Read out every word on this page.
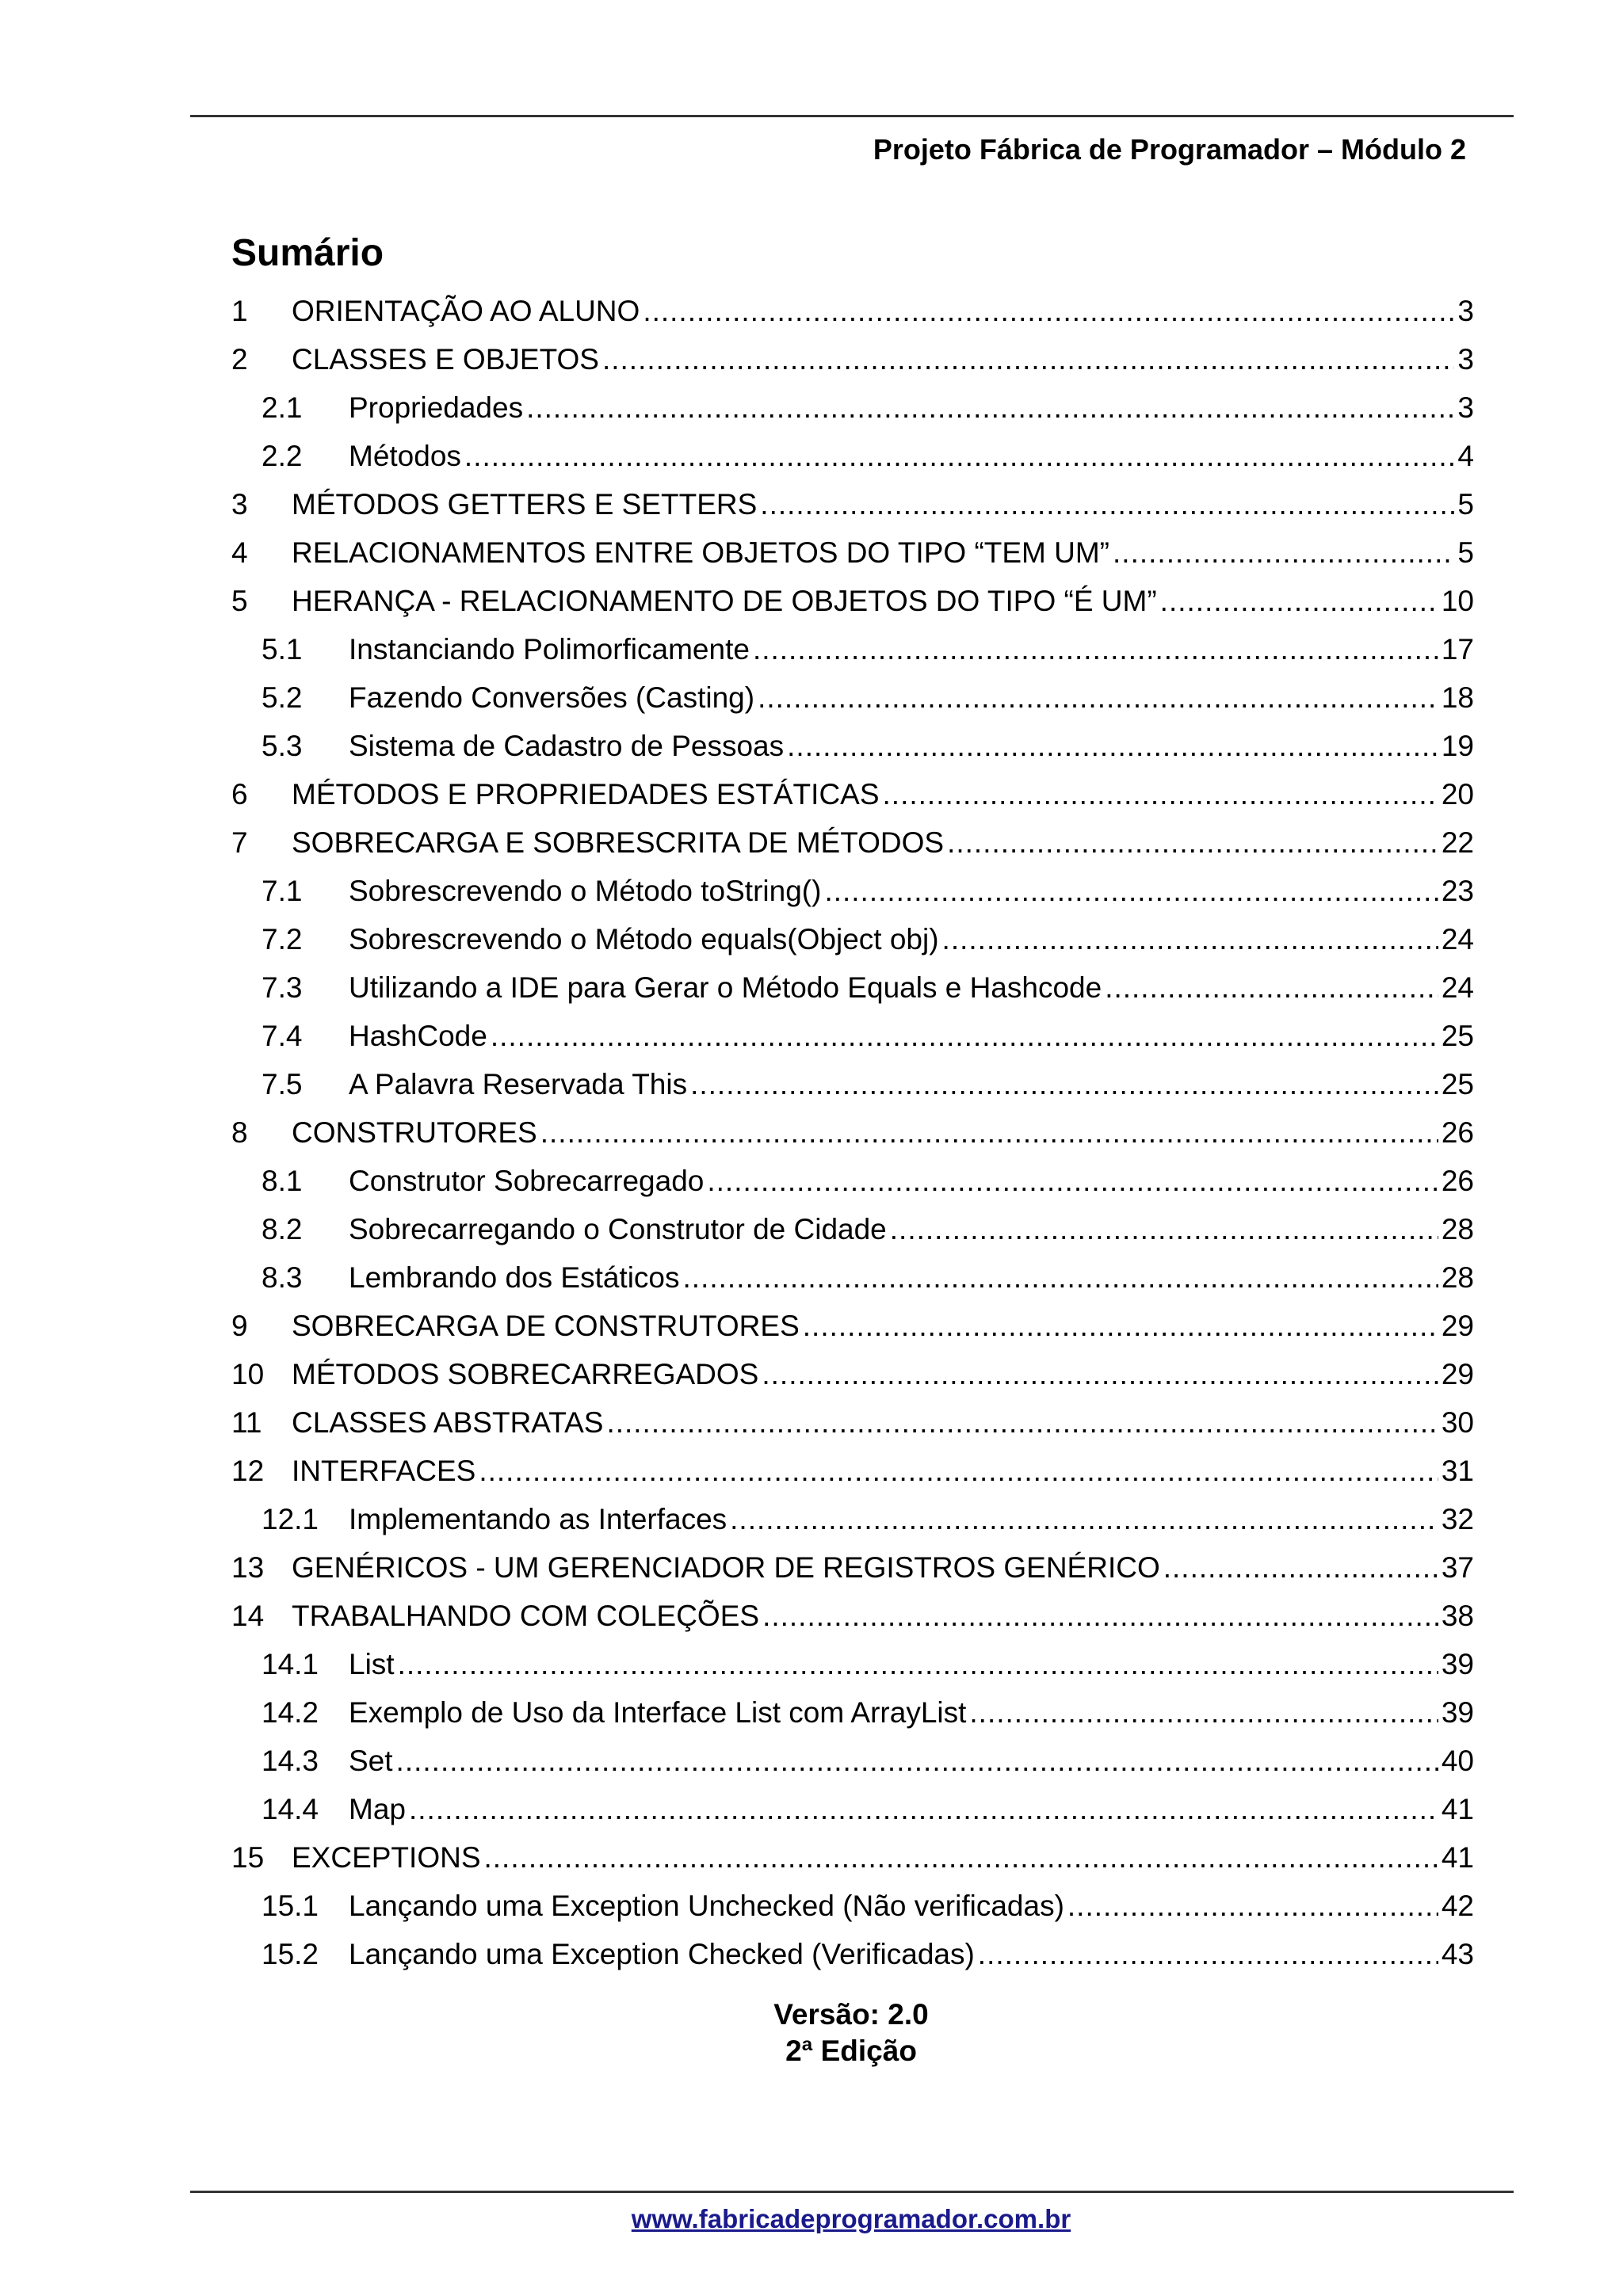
Projeto Fábrica de Programador – Módulo 2
Sumário
1 ORIENTAÇÃO AO ALUNO .....	3
2 CLASSES E OBJETOS .....	3
2.1 Propriedades .....	3
2.2 Métodos .....	4
3 MÉTODOS GETTERS E SETTERS .....	5
4 RELACIONAMENTOS ENTRE OBJETOS DO TIPO “TEM UM” .....	5
5 HERANÇA - RELACIONAMENTO DE OBJETOS DO TIPO “É UM” .....	10
5.1 Instanciando Polimorficamente .....	17
5.2 Fazendo Conversões (Casting) .....	18
5.3 Sistema de Cadastro de Pessoas .....	19
6 MÉTODOS E PROPRIEDADES ESTÁTICAS .....	20
7 SOBRECARGA E SOBRESCRITA DE MÉTODOS .....	22
7.1 Sobrescrevendo o Método toString() .....	23
7.2 Sobrescrevendo o Método equals(Object obj) .....	24
7.3 Utilizando a IDE para Gerar o Método Equals e Hashcode .....	24
7.4 HashCode .....	25
7.5 A Palavra Reservada This .....	25
8 CONSTRUTORES .....	26
8.1 Construtor Sobrecarregado .....	26
8.2 Sobrecarregando o Construtor de Cidade .....	28
8.3 Lembrando dos Estáticos .....	28
9 SOBRECARGA DE CONSTRUTORES .....	29
10 MÉTODOS SOBRECARREGADOS .....	29
11 CLASSES ABSTRATAS .....	30
12 INTERFACES .....	31
12.1 Implementando as Interfaces .....	32
13 GENÉRICOS - UM GERENCIADOR DE REGISTROS GENÉRICO .....	37
14 TRABALHANDO COM COLEÇÕES .....	38
14.1 List .....	39
14.2 Exemplo de Uso da Interface List com ArrayList .....	39
14.3 Set .....	40
14.4 Map .....	41
15 EXCEPTIONS .....	41
15.1 Lançando uma Exception Unchecked (Não verificadas) .....	42
15.2 Lançando uma Exception Checked (Verificadas) .....	43
Versão: 2.0
2ª Edição
www.fabricadeprogramador.com.br
